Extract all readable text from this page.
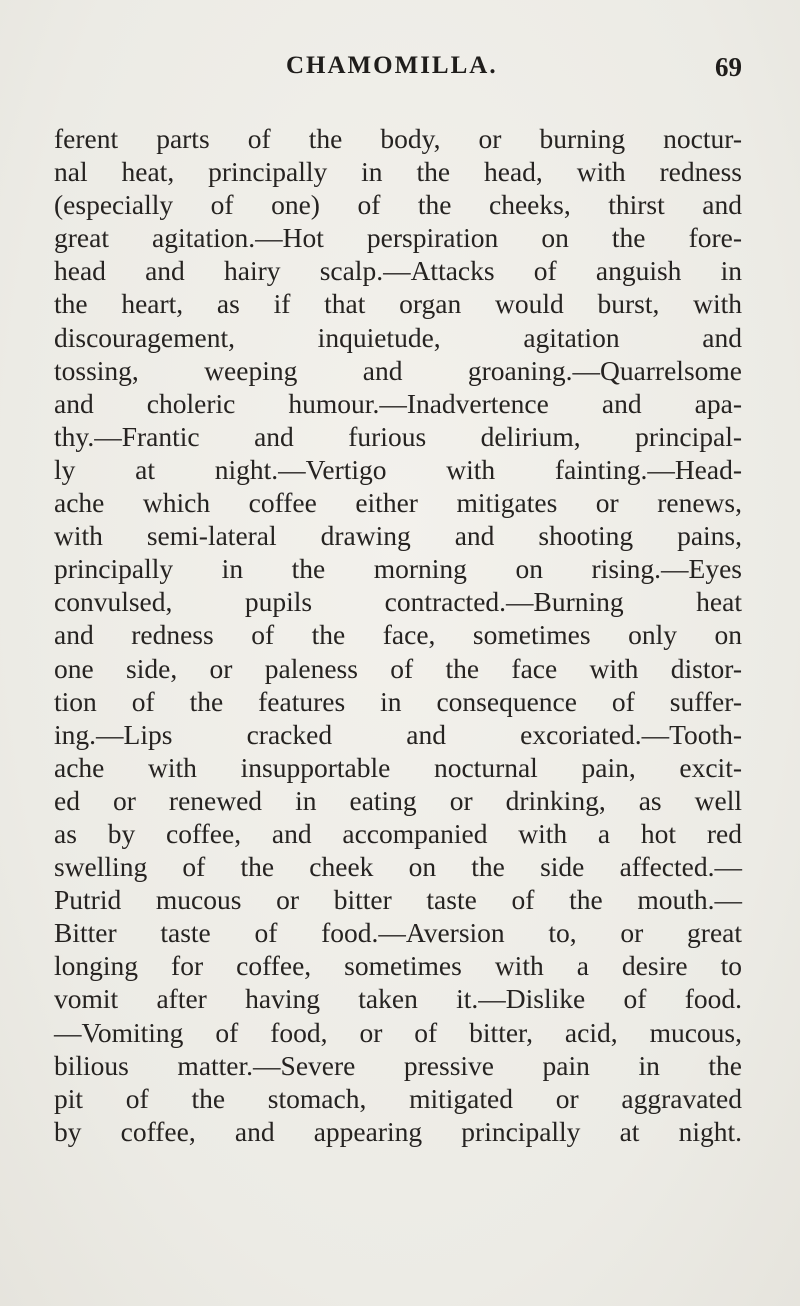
CHAMOMILLA.	69
ferent parts of the body, or burning noctur-
nal heat, principally in the head, with redness
(especially of one) of the cheeks, thirst and
great agitation.—Hot perspiration on the fore-
head and hairy scalp.—Attacks of anguish in
the heart, as if that organ would burst, with
discouragement, inquietude, agitation and
tossing, weeping and groaning.—Quarrelsome
and choleric humour.—Inadvertence and apa-
thy.—Frantic and furious delirium, principal-
ly at night.—Vertigo with fainting.—Head-
ache which coffee either mitigates or renews,
with semi-lateral drawing and shooting pains,
principally in the morning on rising.—Eyes
convulsed, pupils contracted.—Burning heat
and redness of the face, sometimes only on
one side, or paleness of the face with distor-
tion of the features in consequence of suffer-
ing.—Lips cracked and excoriated.—Tooth-
ache with insupportable nocturnal pain, excit-
ed or renewed in eating or drinking, as well
as by coffee, and accompanied with a hot red
swelling of the cheek on the side affected.—
Putrid mucous or bitter taste of the mouth.—
Bitter taste of food.—Aversion to, or great
longing for coffee, sometimes with a desire to
vomit after having taken it.—Dislike of food.
—Vomiting of food, or of bitter, acid, mucous,
bilious matter.—Severe pressive pain in the
pit of the stomach, mitigated or aggravated
by coffee, and appearing principally at night.
